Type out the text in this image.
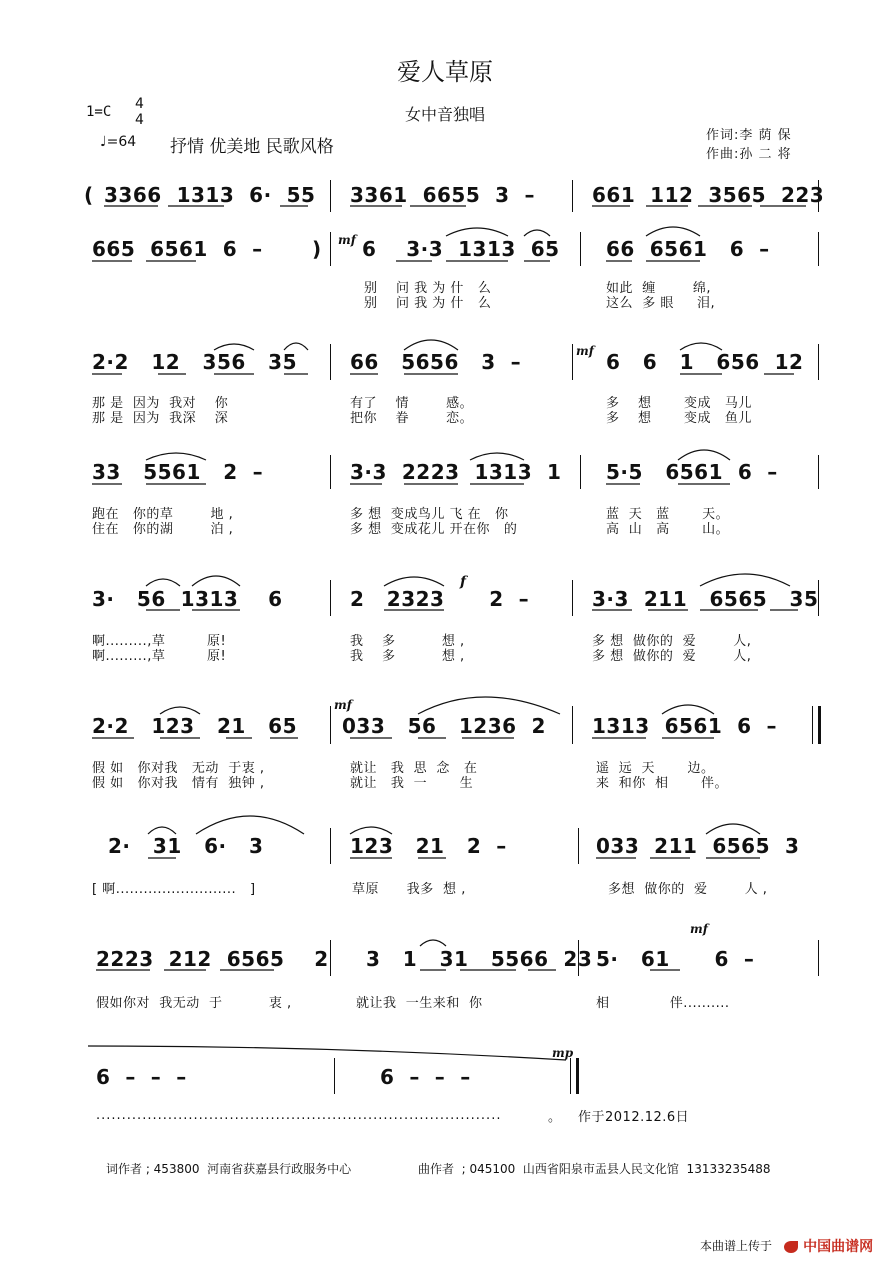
爱人草原
女中音独唱
1=C 4
4
♩=64 抒情 优美地 民歌风格
作词:李 荫 保
作曲:孙 二 将
( 3366  1313  6·  55 3361  6655  3  –	661  112  3565  223
665  6561  6  – ) 6    3·3  1313  65 66  6561   6  –
mf
别    问 我 为 什   么
别    问 我 为 什   么
如此  缠        绵,
这么  多 眼     泪,
2·2   12   356   35	66   5656   3  –	6   6   1   656  12
mf
那 是  因为  我对    你
那 是  因为  我深    深
有了    情        感。
把你    眷        恋。
多    想       变成   马儿
多    想       变成   鱼儿
33   5561   2  –	3·3  2223  1313  1 5·5   6561  6  –
跑在   你的草        地 ,
住在   你的湖        泊 ,
多 想  变成鸟儿 飞 在   你
多 想  变成花儿 开在你   的
蓝  天   蓝       天。
高  山   高       山。
3·   56  1313    6	2   2323      2  –	3·3  211   6565   35
f
啊.........,草         原!
啊.........,草         原!
我    多          想 ,
我    多          想 ,
多 想  做你的  爱        人,
多 想  做你的  爱        人,
2·2   123   21   65 033   56   1236  2 1313  6561  6  –
mf
假 如   你对我   无动  于衷 ,
假 如   你对我   情有  独钟 ,
就让   我  思  念   在
就让   我  一       生
遥  远  天       边。
来  和你  相       伴。
2·   31   6·   3	123   21   2  –	033  211  6565  3
[ 啊..........................   ]	草原      我多  想 ,	多想  做你的  爱        人 ,
2223  212  6565    2 3   1   31   5566  23 5·   61      6  –
mf
假如你对  我无动  于          衷 ,	就让我  一生来和  你	相             伴..........
6  –  –  –	6  –  –  –
mp
...............................................................................	。 作于2012.12.6日
词作者 ; 453800  河南省获嘉县行政服务中心	曲作者  ; 045100  山西省阳泉市盂县人民文化馆  13133235488
本曲谱上传于	中国曲谱网
